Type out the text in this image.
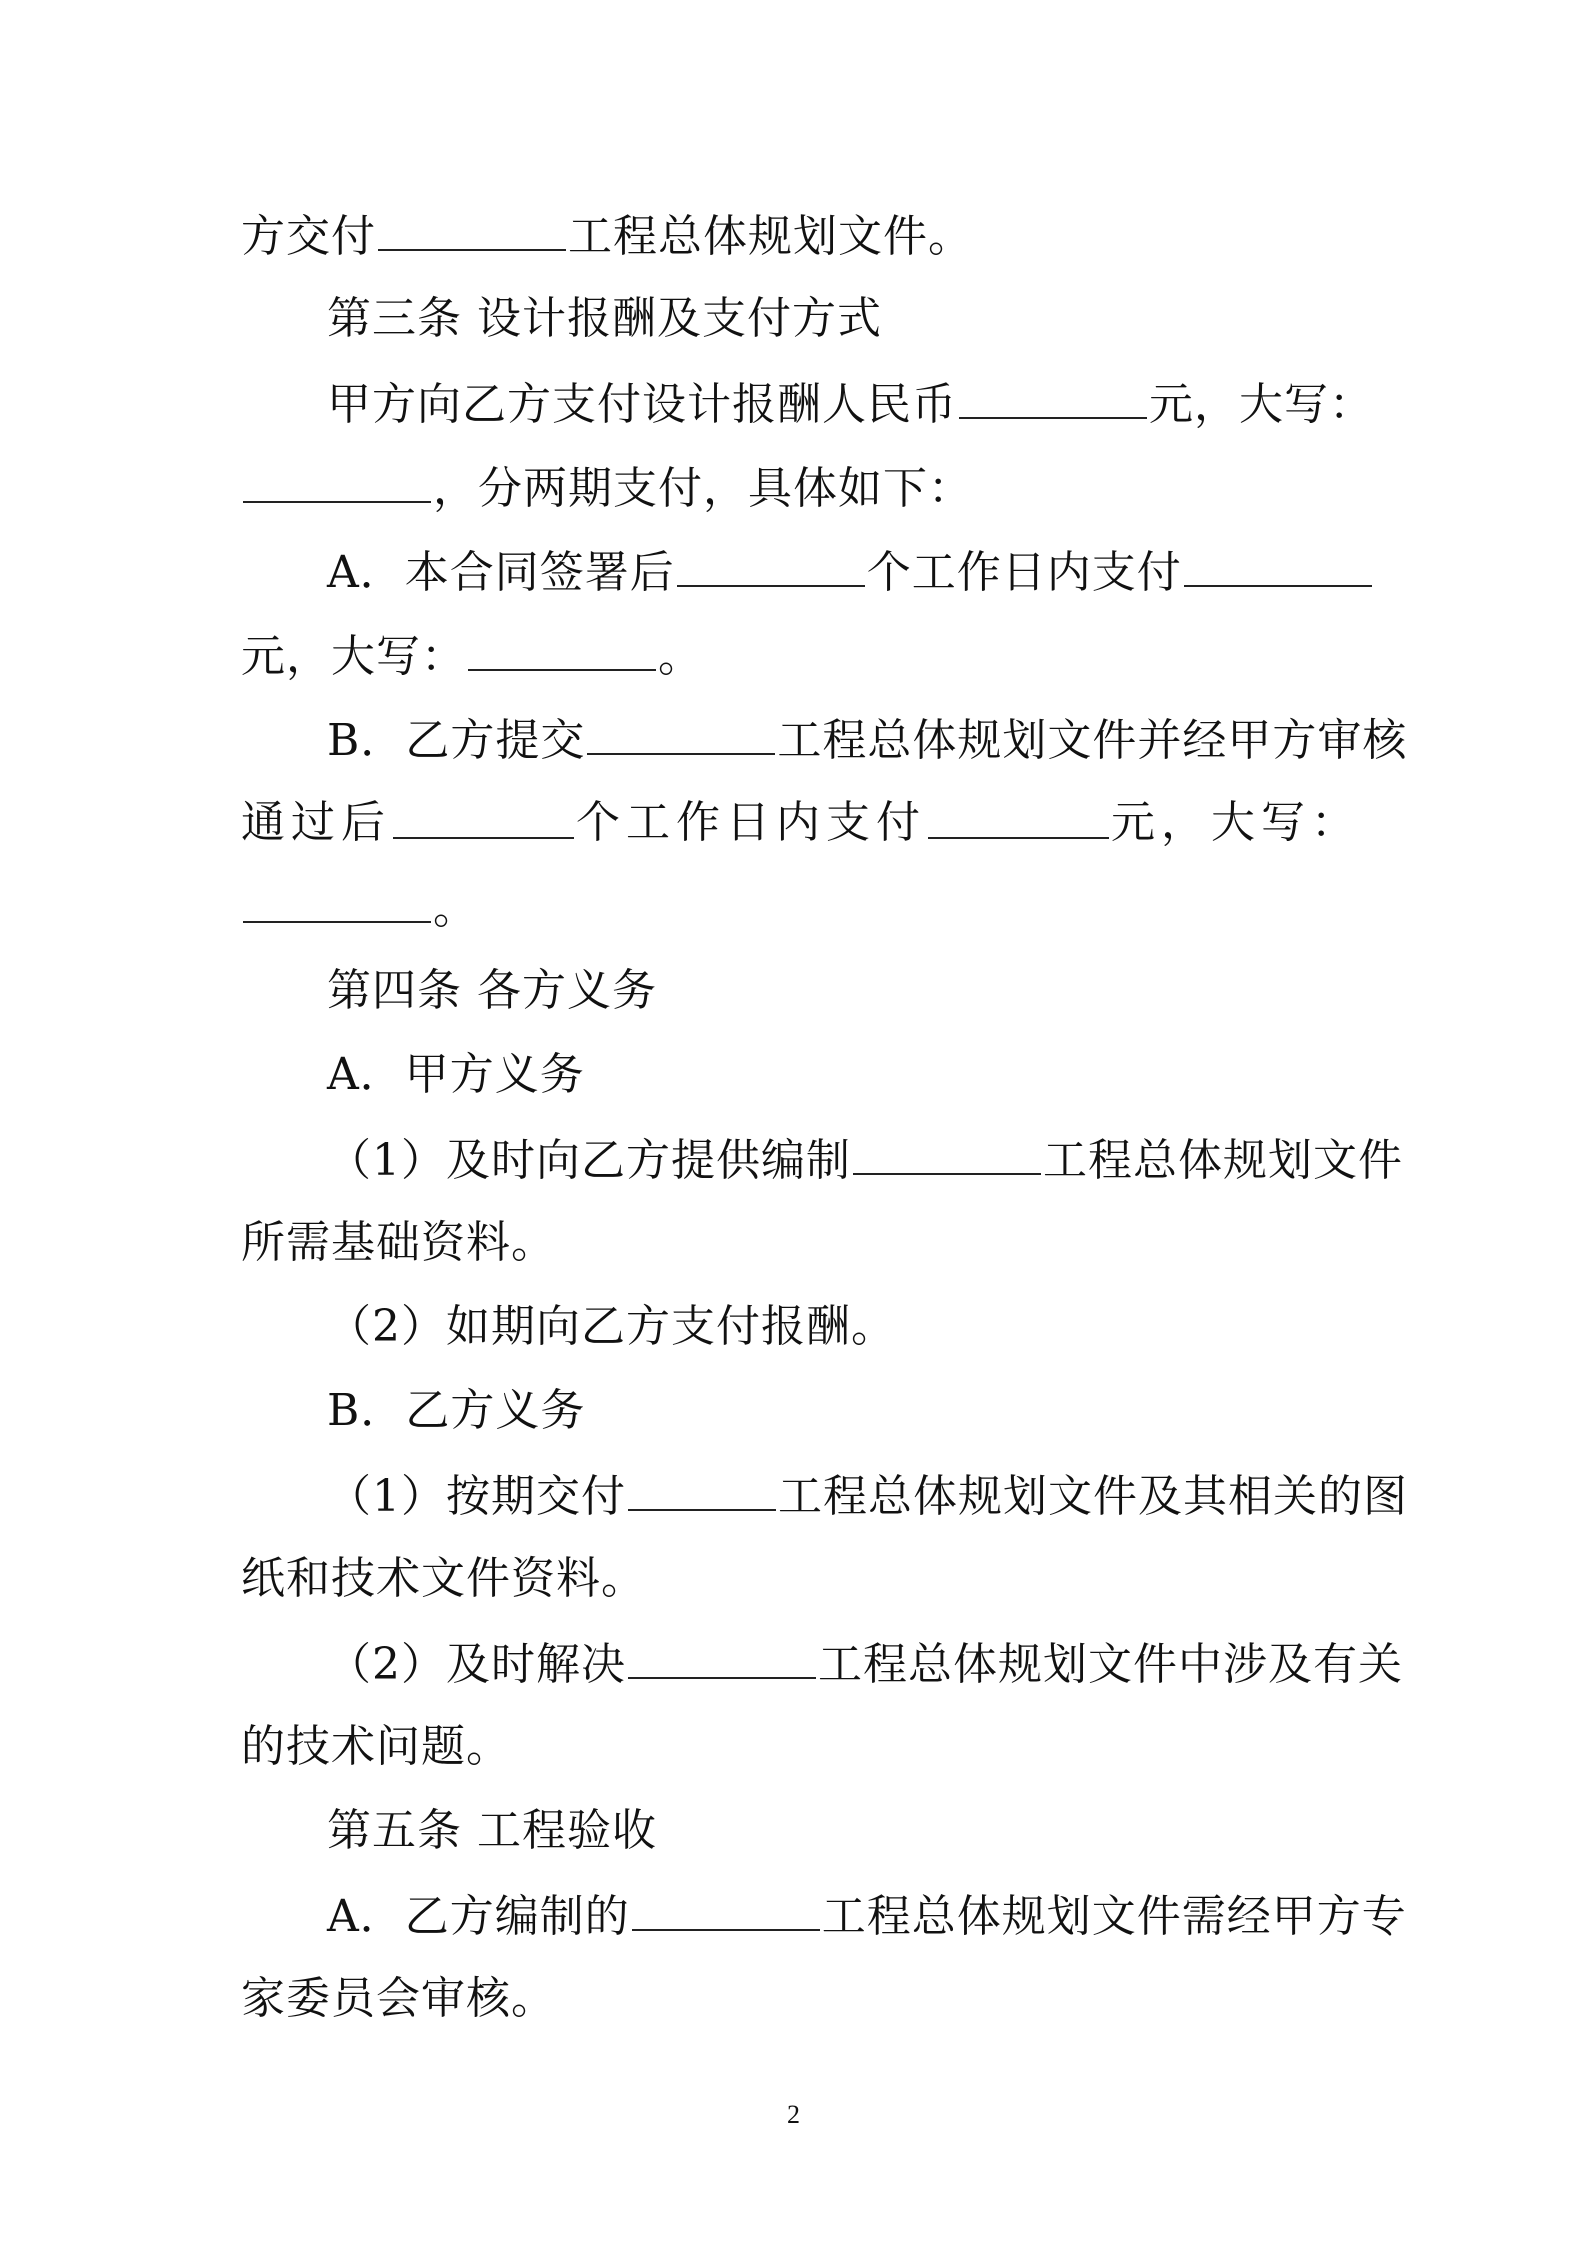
方交付	工程总体规划文件。
第三条 设计报酬及支付方式
甲方向乙方支付设计报酬人民币	元，大写：
，分两期支付，具体如下：
A．本合同签署后	个工作日内支付
元，大写：	。
B．乙方提交	工程总体规划文件并经甲方审核
通过后	个工作日内支付	元，大写：
。
第四条 各方义务
A．甲方义务
（1）及时向乙方提供编制	工程总体规划文件
所需基础资料。
（2）如期向乙方支付报酬。
B．乙方义务
（1）按期交付	工程总体规划文件及其相关的图
纸和技术文件资料。
（2）及时解决	工程总体规划文件中涉及有关
的技术问题。
第五条 工程验收
A．乙方编制的	工程总体规划文件需经甲方专
家委员会审核。
2
